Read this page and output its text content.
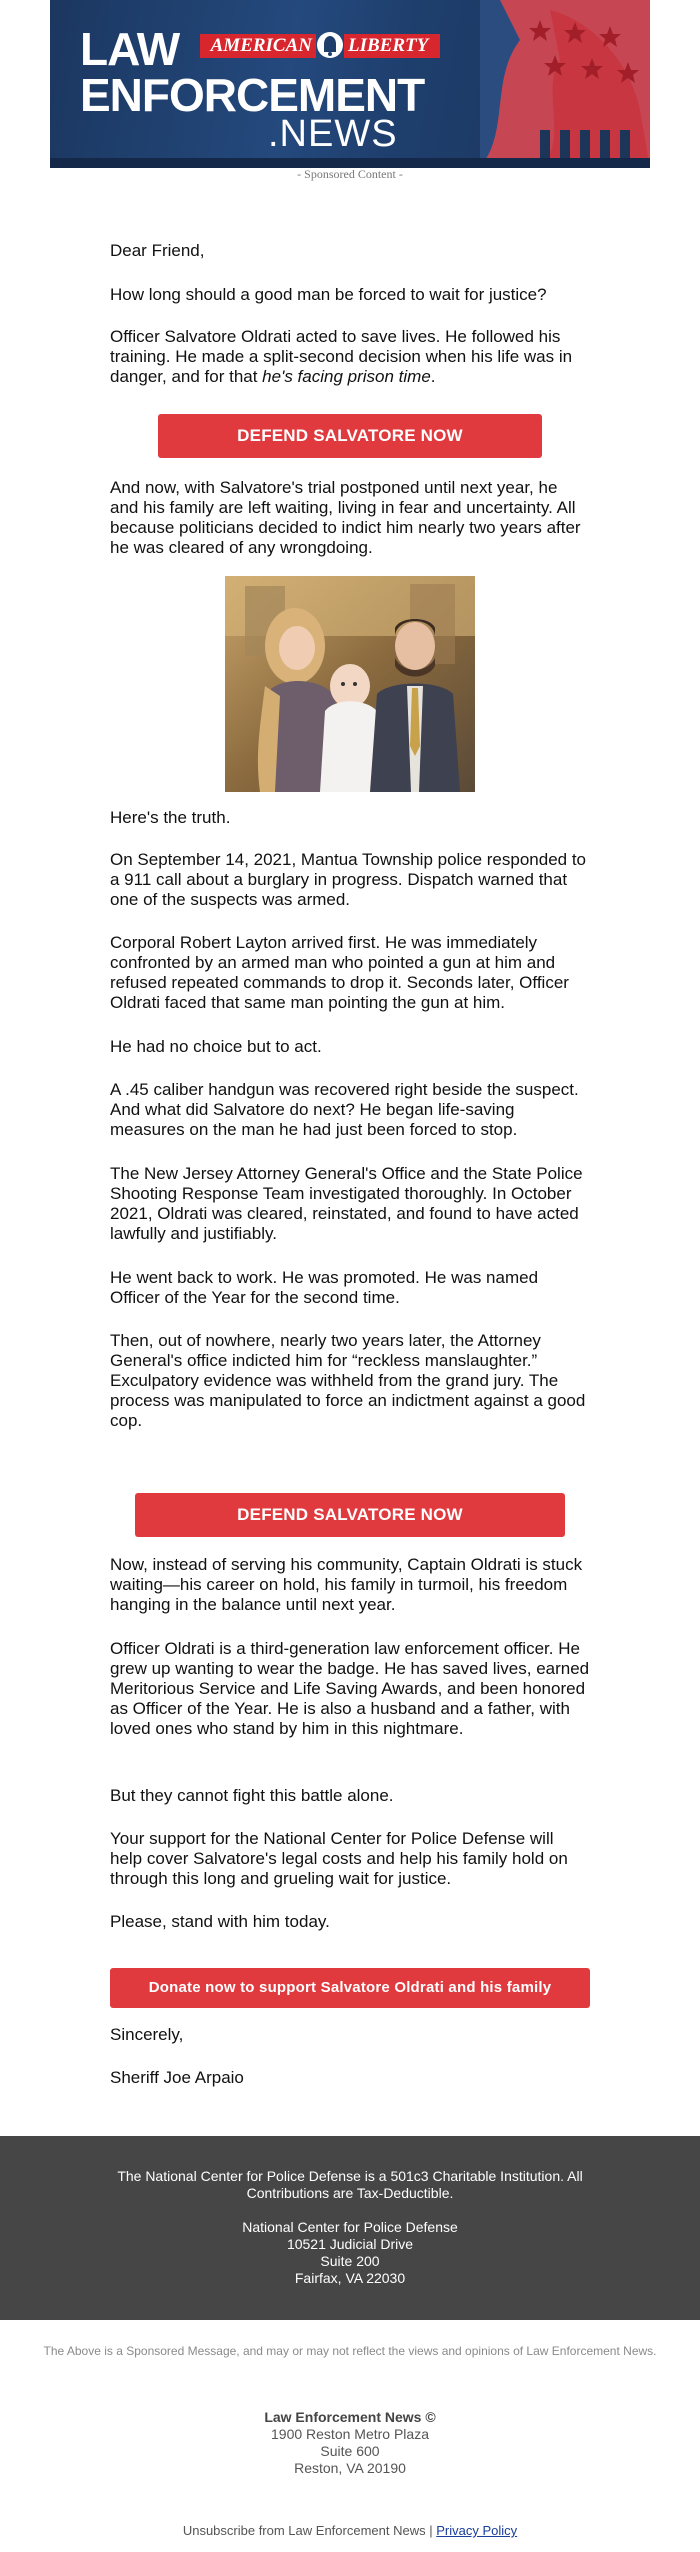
AMERICAN LIBERTY
LAW
ENFORCEMENT
.NEWS
- Sponsored Content -

Dear Friend,

How long should a good man be forced to wait for justice?

Officer Salvatore Oldrati acted to save lives. He followed his training. He made a split-second decision when his life was in danger, and for that he's facing prison time.

DEFEND SALVATORE NOW

And now, with Salvatore's trial postponed until next year, he and his family are left waiting, living in fear and uncertainty. All because politicians decided to indict him nearly two years after he was cleared of any wrongdoing.

Here's the truth.

On September 14, 2021, Mantua Township police responded to a 911 call about a burglary in progress. Dispatch warned that one of the suspects was armed.

Corporal Robert Layton arrived first. He was immediately confronted by an armed man who pointed a gun at him and refused repeated commands to drop it. Seconds later, Officer Oldrati faced that same man pointing the gun at him.

He had no choice but to act.

A .45 caliber handgun was recovered right beside the suspect. And what did Salvatore do next? He began life-saving measures on the man he had just been forced to stop.

The New Jersey Attorney General's Office and the State Police Shooting Response Team investigated thoroughly. In October 2021, Oldrati was cleared, reinstated, and found to have acted lawfully and justifiably.

He went back to work. He was promoted. He was named Officer of the Year for the second time.

Then, out of nowhere, nearly two years later, the Attorney General's office indicted him for “reckless manslaughter.” Exculpatory evidence was withheld from the grand jury. The process was manipulated to force an indictment against a good cop.

DEFEND SALVATORE NOW

Now, instead of serving his community, Captain Oldrati is stuck waiting—his career on hold, his family in turmoil, his freedom hanging in the balance until next year.

Officer Oldrati is a third-generation law enforcement officer. He grew up wanting to wear the badge. He has saved lives, earned Meritorious Service and Life Saving Awards, and been honored as Officer of the Year. He is also a husband and a father, with loved ones who stand by him in this nightmare.

But they cannot fight this battle alone.

Your support for the National Center for Police Defense will help cover Salvatore's legal costs and help his family hold on through this long and grueling wait for justice.

Please, stand with him today.

Donate now to support Salvatore Oldrati and his family

Sincerely,

Sheriff Joe Arpaio

The National Center for Police Defense is a 501c3 Charitable Institution. All
Contributions are Tax-Deductible.
National Center for Police Defense
10521 Judicial Drive
Suite 200
Fairfax, VA 22030
The Above is a Sponsored Message, and may or may not reflect the views and opinions of Law Enforcement News.
Law Enforcement News ©
1900 Reston Metro Plaza
Suite 600
Reston, VA 20190
Unsubscribe from Law Enforcement News | Privacy Policy
